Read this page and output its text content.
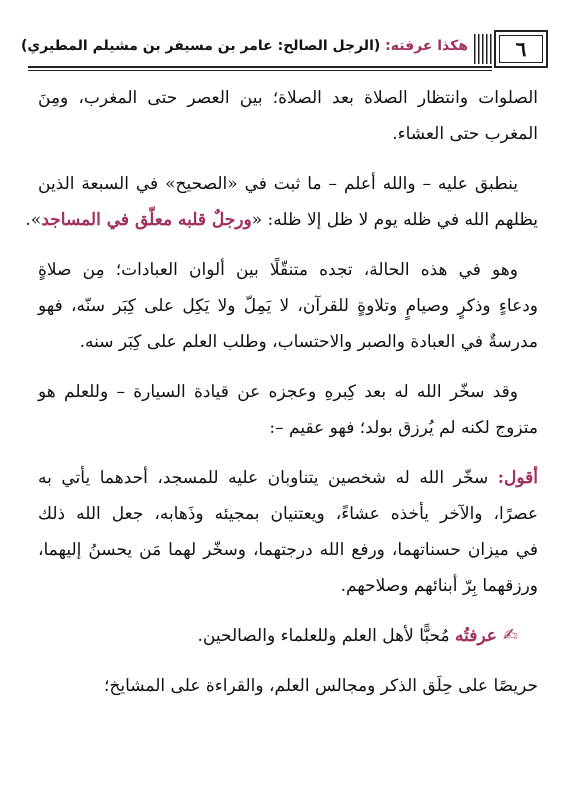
٦
هكذا عرفته: (الرجل الصالح: عامر بن مسيفر بن مشيلم المطيري)
الصلوات وانتظار الصلاة بعد الصلاة؛ بين العصر حتى المغرب، ومِنَ
المغرب حتى العشاء.
ينطبق عليه – والله أعلم – ما ثبت في «الصحيح» في السبعة الذين
يظلهم الله في ظله يوم لا ظل إلا ظله: «ورجلٌ قلبه معلّق في المساجد».
وهو في هذه الحالة، تجده متنقّلًا بين ألوان العبادات؛ مِن صلاةٍ
ودعاءٍ وذكرٍ وصيامٍ وتلاوةٍ للقرآن، لا يَمِلّ ولا يَكِل على كِبَر سنّه، فهو
مدرسةٌ في العبادة والصبر والاحتساب، وطلب العلم على كِبَر سنه.
وقد سخّر الله له بعد كِبرهِ وعجزه عن قيادة السيارة – وللعلم هو
متزوج لكنه لم يُرزق بولد؛ فهو عقيم –:
أقول: سخّر الله له شخصين يتناوبان عليه للمسجد، أحدهما يأتي به
عصرًا، والآخر يأخذه عشاءً، ويعتنيان بمجيئه وذَهابه، جعل الله ذلك
في ميزان حسناتهما، ورفع الله درجتهما، وسخّر لهما مَن يحسنُ إليهما،
ورزقهما بِرّ أبنائهم وصلاحهم.
✍عرفتُه مُحبًّا لأهل العلم وللعلماء والصالحين.
حريصًا على حِلَق الذكر ومجالس العلم، والقراءة على المشايخ؛
